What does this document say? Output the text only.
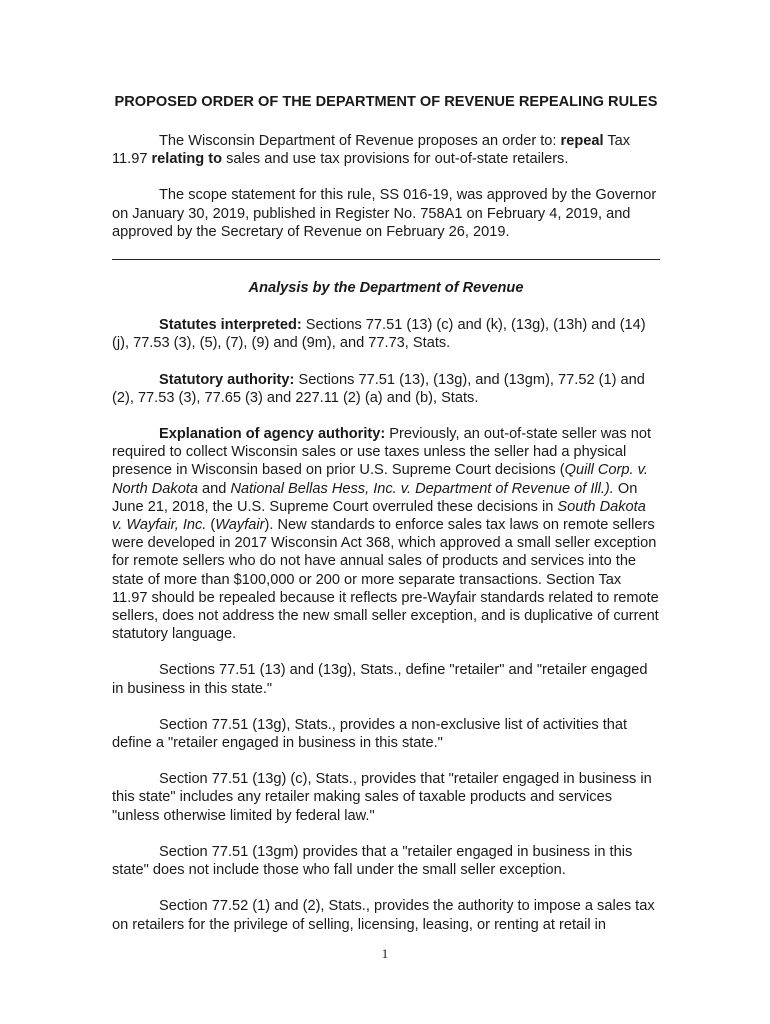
PROPOSED ORDER OF THE DEPARTMENT OF REVENUE REPEALING RULES

The Wisconsin Department of Revenue proposes an order to: repeal Tax 11.97 relating to sales and use tax provisions for out-of-state retailers.

The scope statement for this rule, SS 016-19, was approved by the Governor on January 30, 2019, published in Register No. 758A1 on February 4, 2019, and approved by the Secretary of Revenue on February 26, 2019.

Analysis by the Department of Revenue

Statutes interpreted: Sections 77.51 (13) (c) and (k), (13g), (13h) and (14) (j), 77.53 (3), (5), (7), (9) and (9m), and 77.73, Stats.

Statutory authority: Sections 77.51 (13), (13g), and (13gm), 77.52 (1) and (2), 77.53 (3), 77.65 (3) and 227.11 (2) (a) and (b), Stats.

Explanation of agency authority: Previously, an out-of-state seller was not required to collect Wisconsin sales or use taxes unless the seller had a physical presence in Wisconsin based on prior U.S. Supreme Court decisions (Quill Corp. v. North Dakota and National Bellas Hess, Inc. v. Department of Revenue of Ill.). On June 21, 2018, the U.S. Supreme Court overruled these decisions in South Dakota v. Wayfair, Inc. (Wayfair). New standards to enforce sales tax laws on remote sellers were developed in 2017 Wisconsin Act 368, which approved a small seller exception for remote sellers who do not have annual sales of products and services into the state of more than $100,000 or 200 or more separate transactions. Section Tax 11.97 should be repealed because it reflects pre-Wayfair standards related to remote sellers, does not address the new small seller exception, and is duplicative of current statutory language.

Sections 77.51 (13) and (13g), Stats., define "retailer" and "retailer engaged in business in this state."

Section 77.51 (13g), Stats., provides a non-exclusive list of activities that define a "retailer engaged in business in this state."

Section 77.51 (13g) (c), Stats., provides that "retailer engaged in business in this state" includes any retailer making sales of taxable products and services "unless otherwise limited by federal law."

Section 77.51 (13gm) provides that a "retailer engaged in business in this state" does not include those who fall under the small seller exception.

Section 77.52 (1) and (2), Stats., provides the authority to impose a sales tax on retailers for the privilege of selling, licensing, leasing, or renting at retail in

1
